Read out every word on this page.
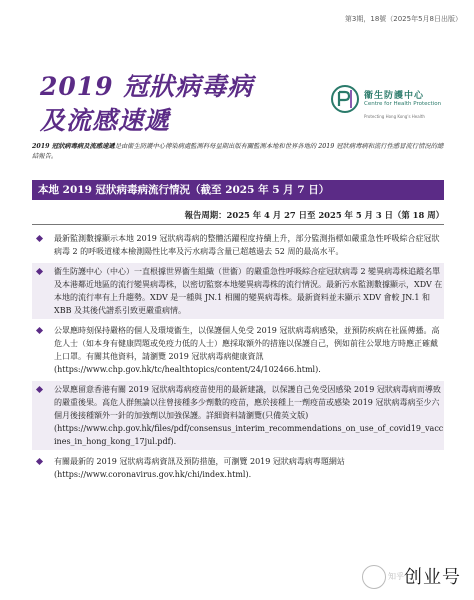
第3期，18號（2025年5月8日出版）
2019 冠狀病毒病
及流感速遞
衞生防護中心
Centre for Health Protection
Protecting Hong Kong's Health
2019 冠狀病毒病及流感速遞是由衞生防護中心傳染病處監測科每星期出版有關監測本地和世界各地的 2019 冠狀病毒病和流行性感冒流行情況的總結報告。
本地 2019 冠狀病毒病流行情況（截至 2025 年 5 月 7 日）
報告周期：2025 年 4 月 27 日至 2025 年 5 月 3 日（第 18 周）

最新監測數據顯示本地 2019 冠狀病毒病的整體活躍程度持續上升，部分監測指標如嚴重急性呼吸綜合症冠狀病毒 2 的呼吸道樣本檢測陽性比率及污水病毒含量已超越過去 52 周的最高水平。

衞生防護中心（中心）一直根據世界衞生組織（世衞）的嚴重急性呼吸綜合症冠狀病毒 2 變異病毒株追蹤名單及本港鄰近地區的流行變異病毒株，以密切監察本地變異病毒株的流行情況。最新污水監測數據顯示，XDV 在本地的流行率有上升趨勢。XDV 是一種與 JN.1 相關的變異病毒株。最新資料並未顯示 XDV 會較 JN.1 和 XBB 及其後代譜系引致更嚴重病情。

公眾應時刻保持嚴格的個人及環境衞生，以保護個人免受 2019 冠狀病毒病感染，並預防疾病在社區傳播。高危人士（如本身有健康問題或免疫力低的人士）應採取額外的措施以保護自己，例如前往公眾地方時應正確戴上口罩。有關其他資料，請瀏覽 2019 冠狀病毒病健康資訊

(https://www.chp.gov.hk/tc/healthtopics/content/24/102466.html).

公眾應留意香港有關 2019 冠狀病毒病疫苗使用的最新建議，以保護自己免受因感染 2019 冠狀病毒病而導致的嚴重後果。高危人群無論以往曾接種多少劑數的疫苗，應於接種上一劑疫苗或感染 2019 冠狀病毒病至少六個月後接種額外一針的加強劑以加強保護。詳細資料請瀏覽(只備英文版)

(https://www.chp.gov.hk/files/pdf/consensus_interim_recommendations_on_use_of_covid19_vaccines_in_hong_kong_17jul.pdf).

有關最新的 2019 冠狀病毒病資訊及預防措施，可瀏覽 2019 冠狀病毒病專題網站

(https://www.coronavirus.gov.hk/chi/index.html).

知乎 创业号
